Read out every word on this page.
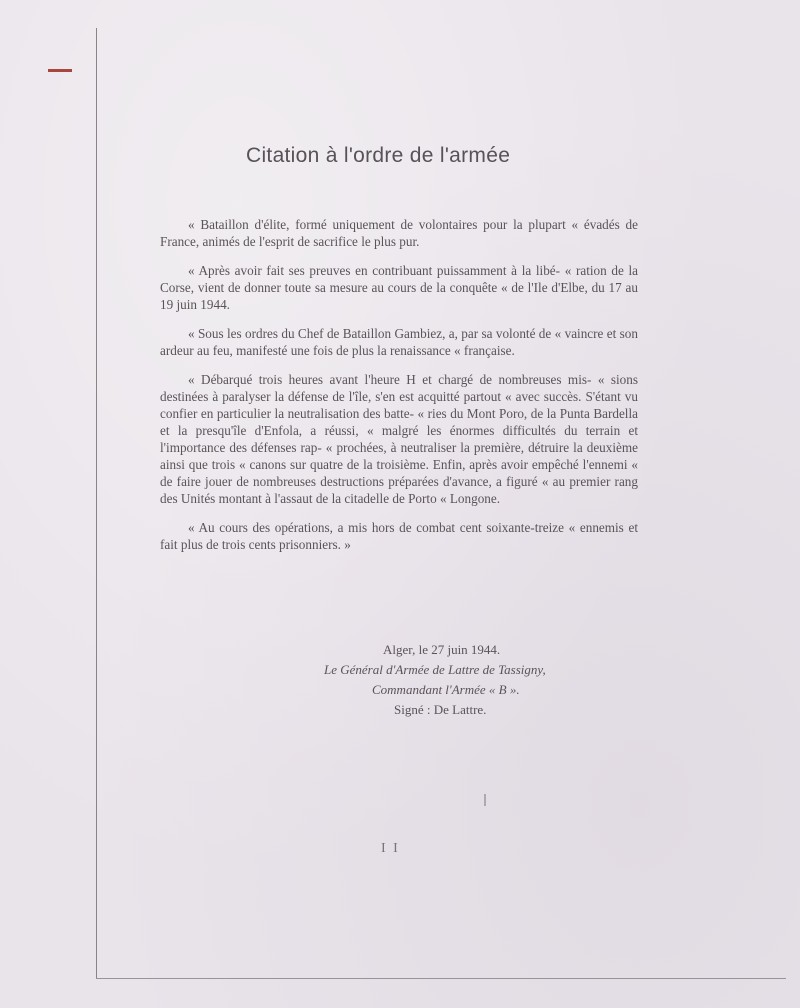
Citation à l'ordre de l'armée

« Bataillon d'élite, formé uniquement de volontaires pour la plupart « évadés de France, animés de l'esprit de sacrifice le plus pur.

« Après avoir fait ses preuves en contribuant puissamment à la libé- « ration de la Corse, vient de donner toute sa mesure au cours de la conquête « de l'Ile d'Elbe, du 17 au 19 juin 1944.

« Sous les ordres du Chef de Bataillon Gambiez, a, par sa volonté de « vaincre et son ardeur au feu, manifesté une fois de plus la renaissance « française.

« Débarqué trois heures avant l'heure H et chargé de nombreuses mis- « sions destinées à paralyser la défense de l'île, s'en est acquitté partout « avec succès. S'étant vu confier en particulier la neutralisation des batte- « ries du Mont Poro, de la Punta Bardella et la presqu'île d'Enfola, a réussi, « malgré les énormes difficultés du terrain et l'importance des défenses rap- « prochées, à neutraliser la première, détruire la deuxième ainsi que trois « canons sur quatre de la troisième. Enfin, après avoir empêché l'ennemi « de faire jouer de nombreuses destructions préparées d'avance, a figuré « au premier rang des Unités montant à l'assaut de la citadelle de Porto « Longone.

« Au cours des opérations, a mis hors de combat cent soixante-treize « ennemis et fait plus de trois cents prisonniers. »

Alger, le 27 juin 1944.
Le Général d'Armée de Lattre de Tassigny,
Commandant l'Armée « B ».
Signé : De Lattre.
I I
